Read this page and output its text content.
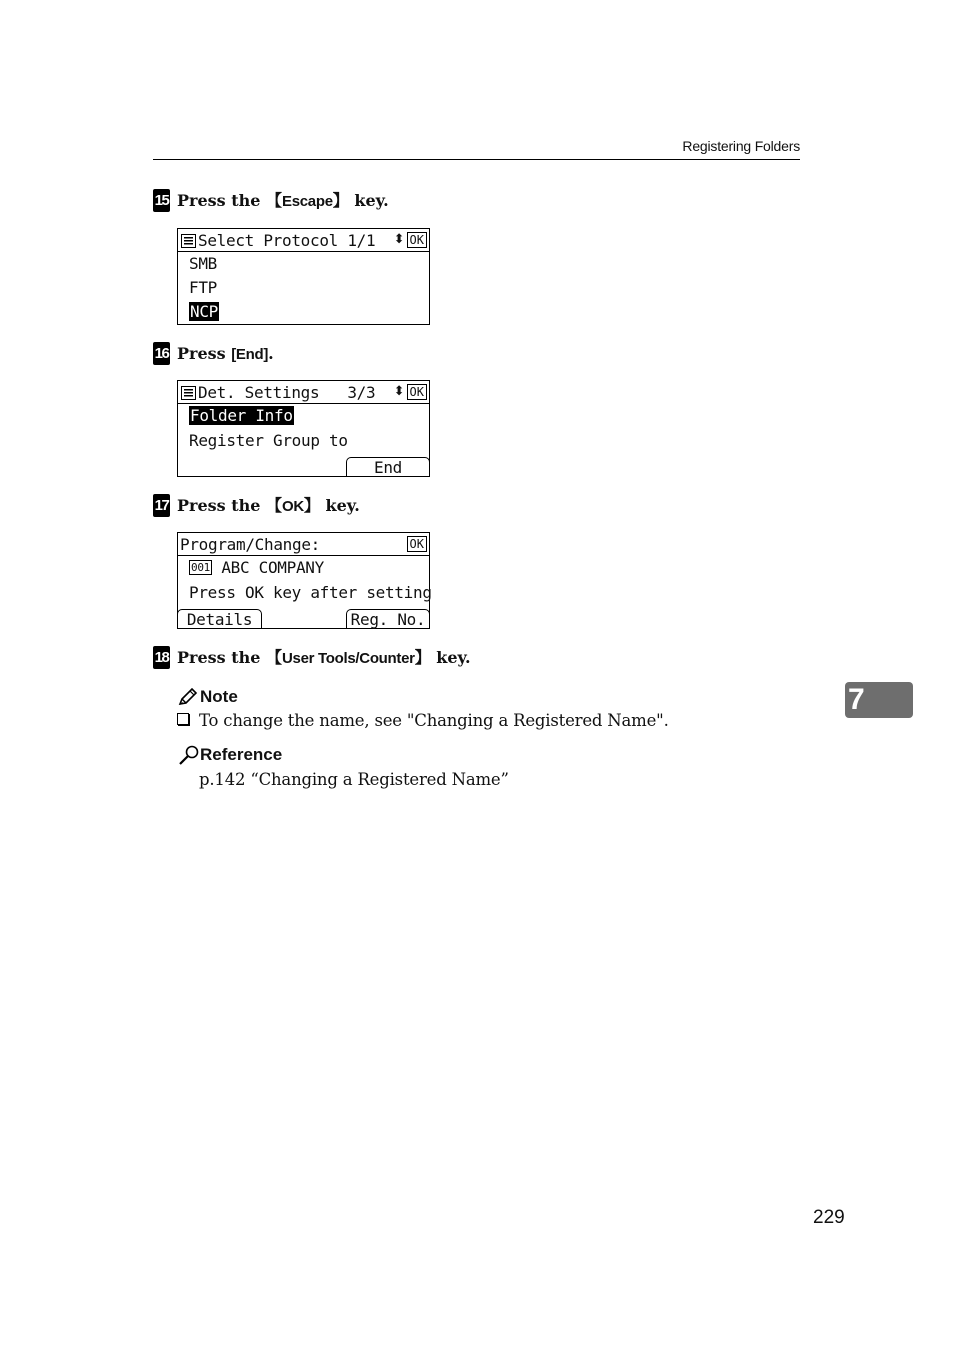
Registering Folders
15 Press the 【Escape】 key.
Select Protocol 1/1 ⬍ OK
SMB
FTP
NCP
16 Press [End].
Det. Settings   3/3 ⬍ OK
Folder Info
Register Group to
End
17 Press the 【OK】 key.
Program/Change:	OK
001 ABC COMPANY
Press OK key after setting
Details	Reg. No.
18 Press the 【User Tools/Counter】 key.
Note
To change the name, see "Changing a Registered Name".
Reference
p.142 “Changing a Registered Name”
7
229
